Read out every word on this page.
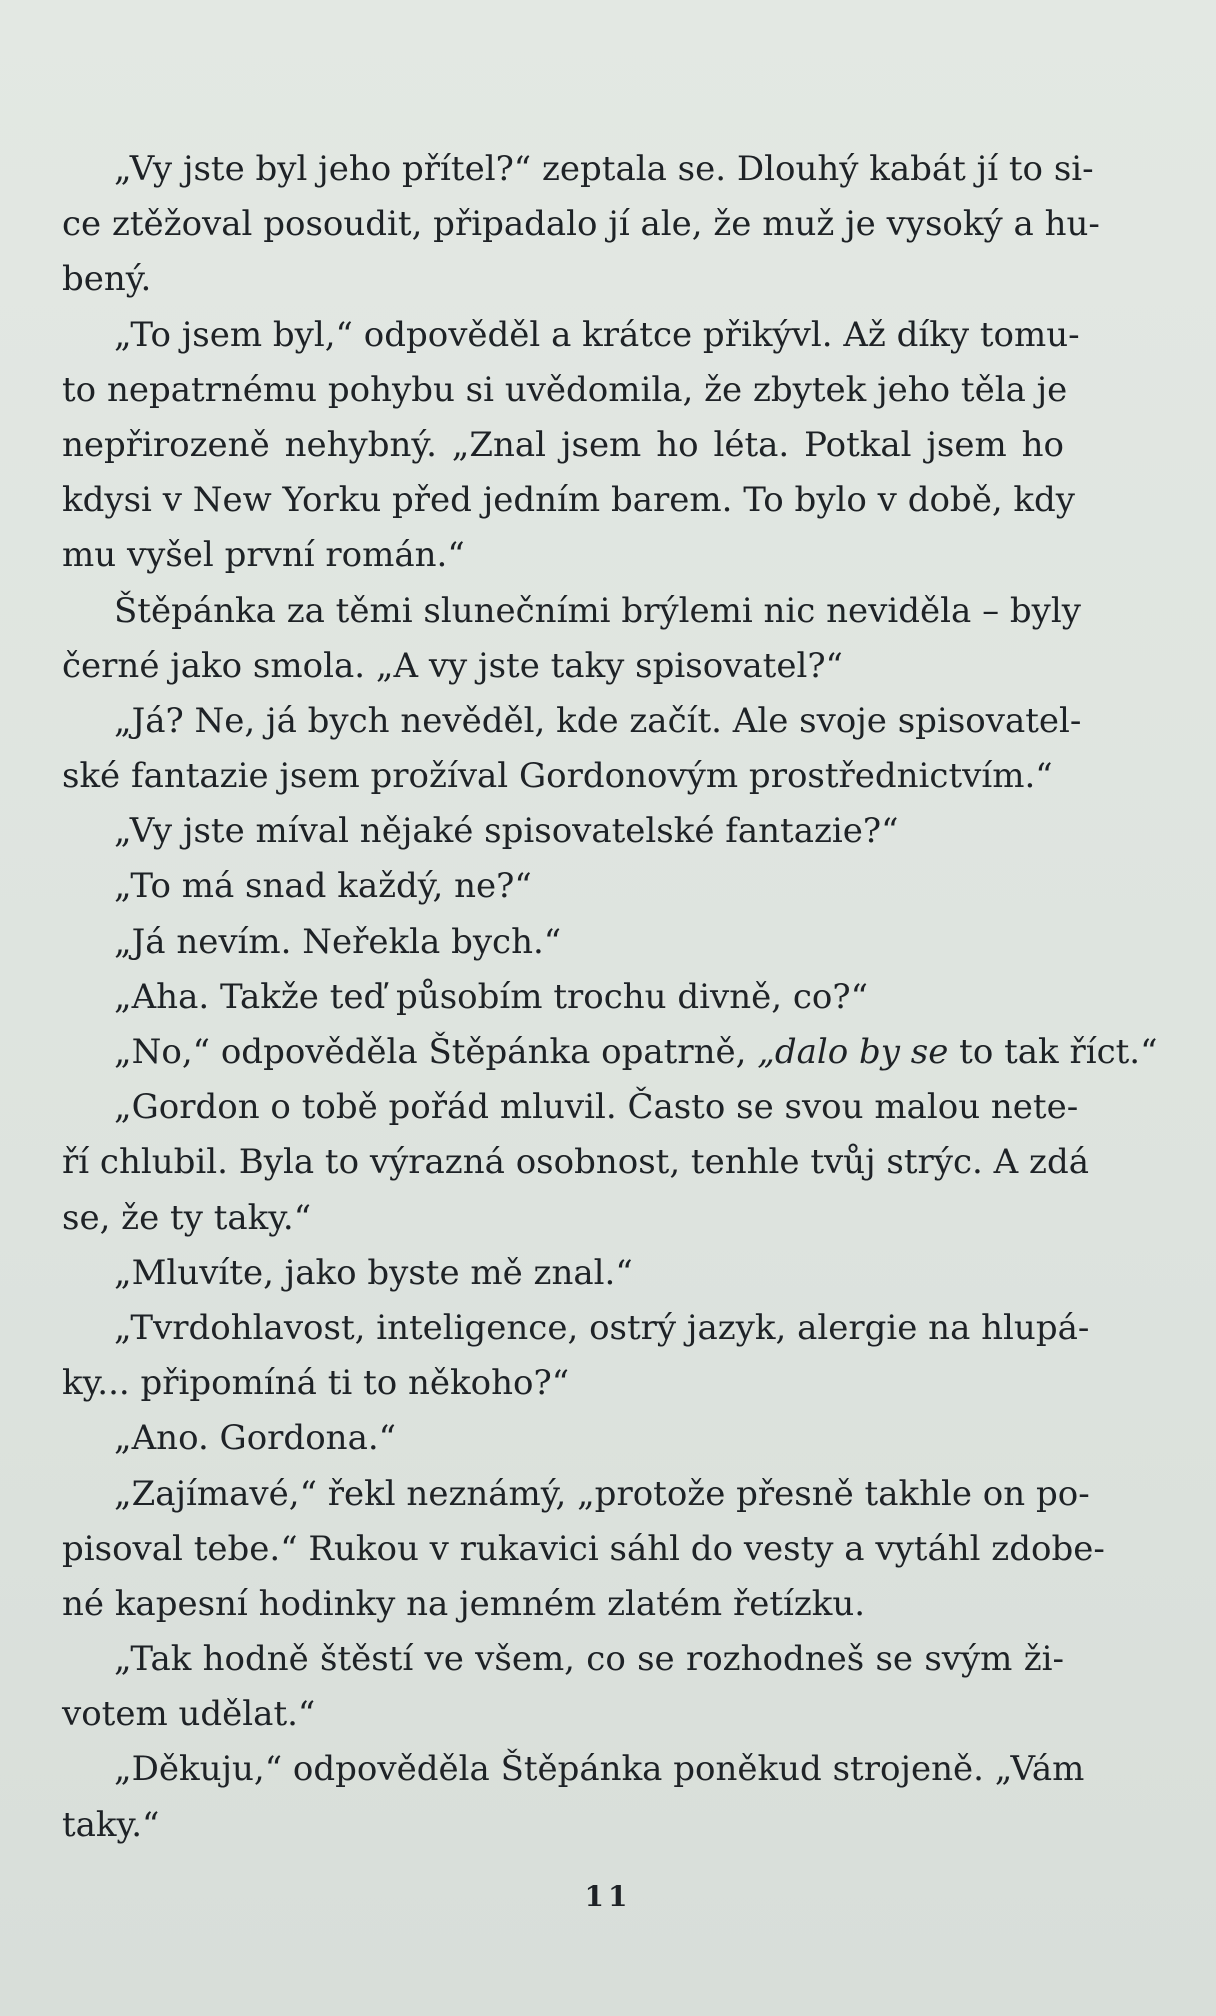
„Vy jste byl jeho přítel?“ zeptala se. Dlouhý kabát jí to si-
ce ztěžoval posoudit, připadalo jí ale, že muž je vysoký a hu-
bený.
„To jsem byl,“ odpověděl a krátce přikývl. Až díky tomu-
to nepatrnému pohybu si uvědomila, že zbytek jeho těla je
nepřirozeně nehybný. „Znal jsem ho léta. Potkal jsem ho
kdysi v New Yorku před jedním barem. To bylo v době, kdy
mu vyšel první román.“
Štěpánka za těmi slunečními brýlemi nic neviděla – byly
černé jako smola. „A vy jste taky spisovatel?“
„Já? Ne, já bych nevěděl, kde začít. Ale svoje spisovatel-
ské fantazie jsem prožíval Gordonovým prostřednictvím.“
„Vy jste míval nějaké spisovatelské fantazie?“
„To má snad každý, ne?“
„Já nevím. Neřekla bych.“
„Aha. Takže teď působím trochu divně, co?“
„No,“ odpověděla Štěpánka opatrně, „dalo by se to tak říct.“
„Gordon o tobě pořád mluvil. Často se svou malou nete-
ří chlubil. Byla to výrazná osobnost, tenhle tvůj strýc. A zdá
se, že ty taky.“
„Mluvíte, jako byste mě znal.“
„Tvrdohlavost, inteligence, ostrý jazyk, alergie na hlupá-
ky... připomíná ti to někoho?“
„Ano. Gordona.“
„Zajímavé,“ řekl neznámý, „protože přesně takhle on po-
pisoval tebe.“ Rukou v rukavici sáhl do vesty a vytáhl zdobe-
né kapesní hodinky na jemném zlatém řetízku.
„Tak hodně štěstí ve všem, co se rozhodneš se svým ži-
votem udělat.“
„Děkuju,“ odpověděla Štěpánka poněkud strojeně. „Vám
taky.“
11
